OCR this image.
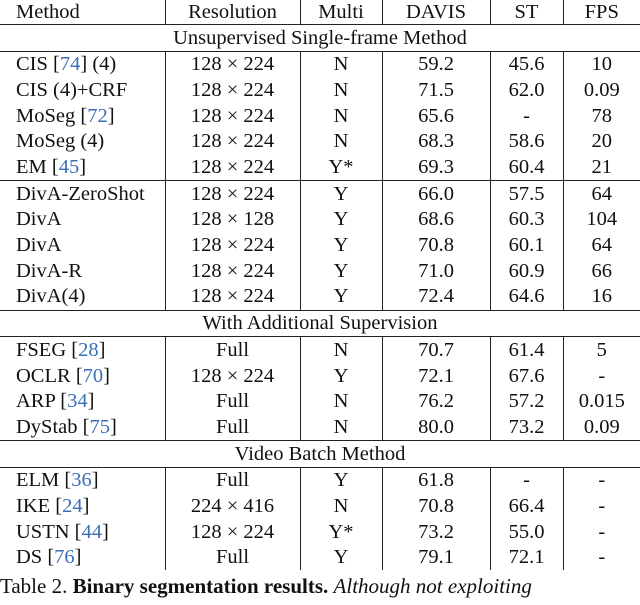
Method	Resolution	Multi	DAVIS	ST	FPS
Unsupervised Single-frame Method					
CIS [74] (4)	128 × 224	N	59.2	45.6	10
CIS (4)+CRF	128 × 224	N	71.5	62.0	0.09
MoSeg [72]	128 × 224	N	65.6	-	78
MoSeg (4)	128 × 224	N	68.3	58.6	20
EM [45]	128 × 224	Y*	69.3	60.4	21
DivA-ZeroShot	128 × 224	Y	66.0	57.5	64
DivA	128 × 128	Y	68.6	60.3	104
DivA	128 × 224	Y	70.8	60.1	64
DivA-R	128 × 224	Y	71.0	60.9	66
DivA(4)	128 × 224	Y	72.4	64.6	16
With Additional Supervision					
FSEG [28]	Full	N	70.7	61.4	5
OCLR [70]	128 × 224	Y	72.1	67.6	-
ARP [34]	Full	N	76.2	57.2	0.015
DyStab [75]	Full	N	80.0	73.2	0.09
Video Batch Method					
ELM [36]	Full	Y	61.8	-	-
IKE [24]	224 × 416	N	70.8	66.4	-
USTN [44]	128 × 224	Y*	73.2	55.0	-
DS [76]	Full	Y	79.1	72.1	-
Table 2. Binary segmentation results. Although not exploiting
